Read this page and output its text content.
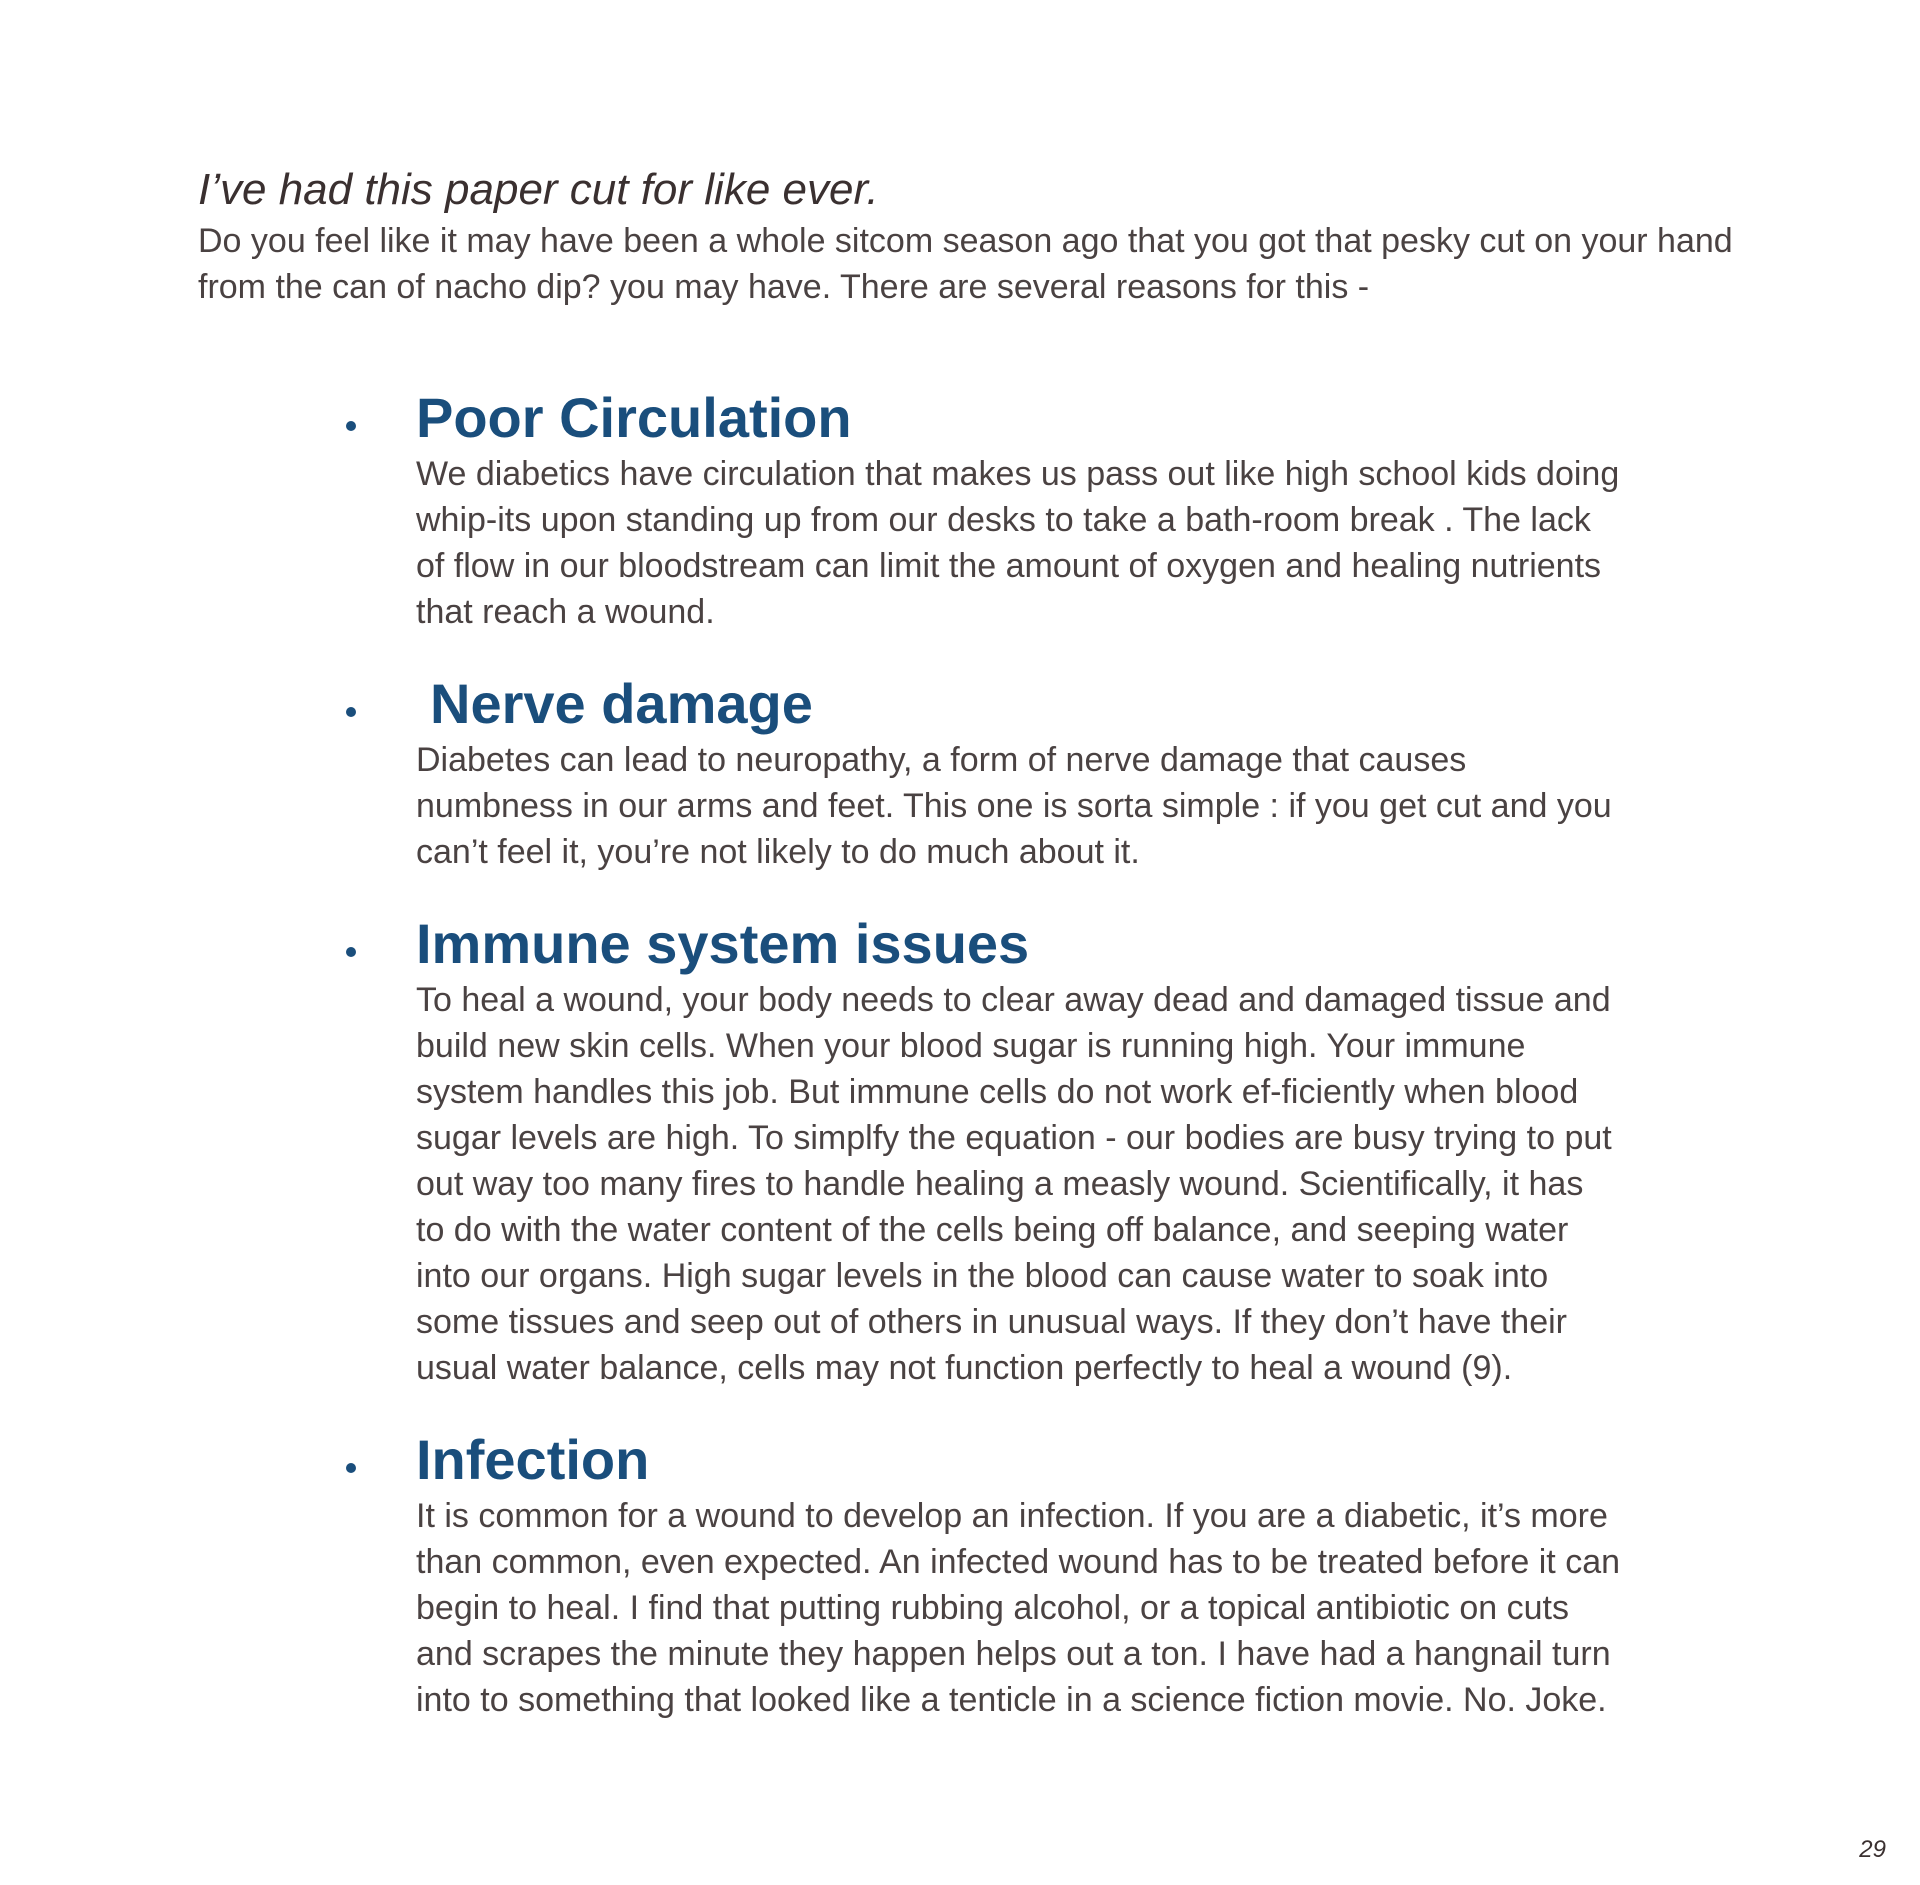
I’ve had this paper cut for like ever.

Do you feel like it may have been a whole sitcom season ago that you got that pesky cut on your hand from the can of nacho dip? you may have. There are several reasons for this -

Poor Circulation

We diabetics have circulation that makes us pass out like high school kids doing whip-its upon standing up from our desks to take a bath-room break . The lack of flow in our bloodstream can limit the amount of oxygen and healing nutrients that reach a wound.

Nerve damage

Diabetes can lead to neuropathy, a form of nerve damage that causes numbness in our arms and feet. This one is sorta simple : if you get cut and you can’t feel it, you’re not likely to do much about it.

Immune system issues

To heal a wound, your body needs to clear away dead and damaged tissue and build new skin cells. When your blood sugar is running high. Your immune system handles this job. But immune cells do not work ef-ficiently when blood sugar levels are high. To simplfy the equation - our bodies are busy trying to put out way too many fires to handle healing a measly wound. Scientifically, it has to do with the water content of the cells being off balance, and seeping water into our organs. High sugar levels in the blood can cause water to soak into some tissues and seep out of others in unusual ways. If they don’t have their usual water balance, cells may not function perfectly to heal a wound (9).

Infection

It is common for a wound to develop an infection. If you are a diabetic, it’s more than common, even expected. An infected wound has to be treated before it can begin to heal. I find that putting rubbing alcohol, or a topical antibiotic on cuts and scrapes the minute they happen helps out a ton. I have had a hangnail turn into to something that looked like a tenticle in a science fiction movie. No. Joke.

29
